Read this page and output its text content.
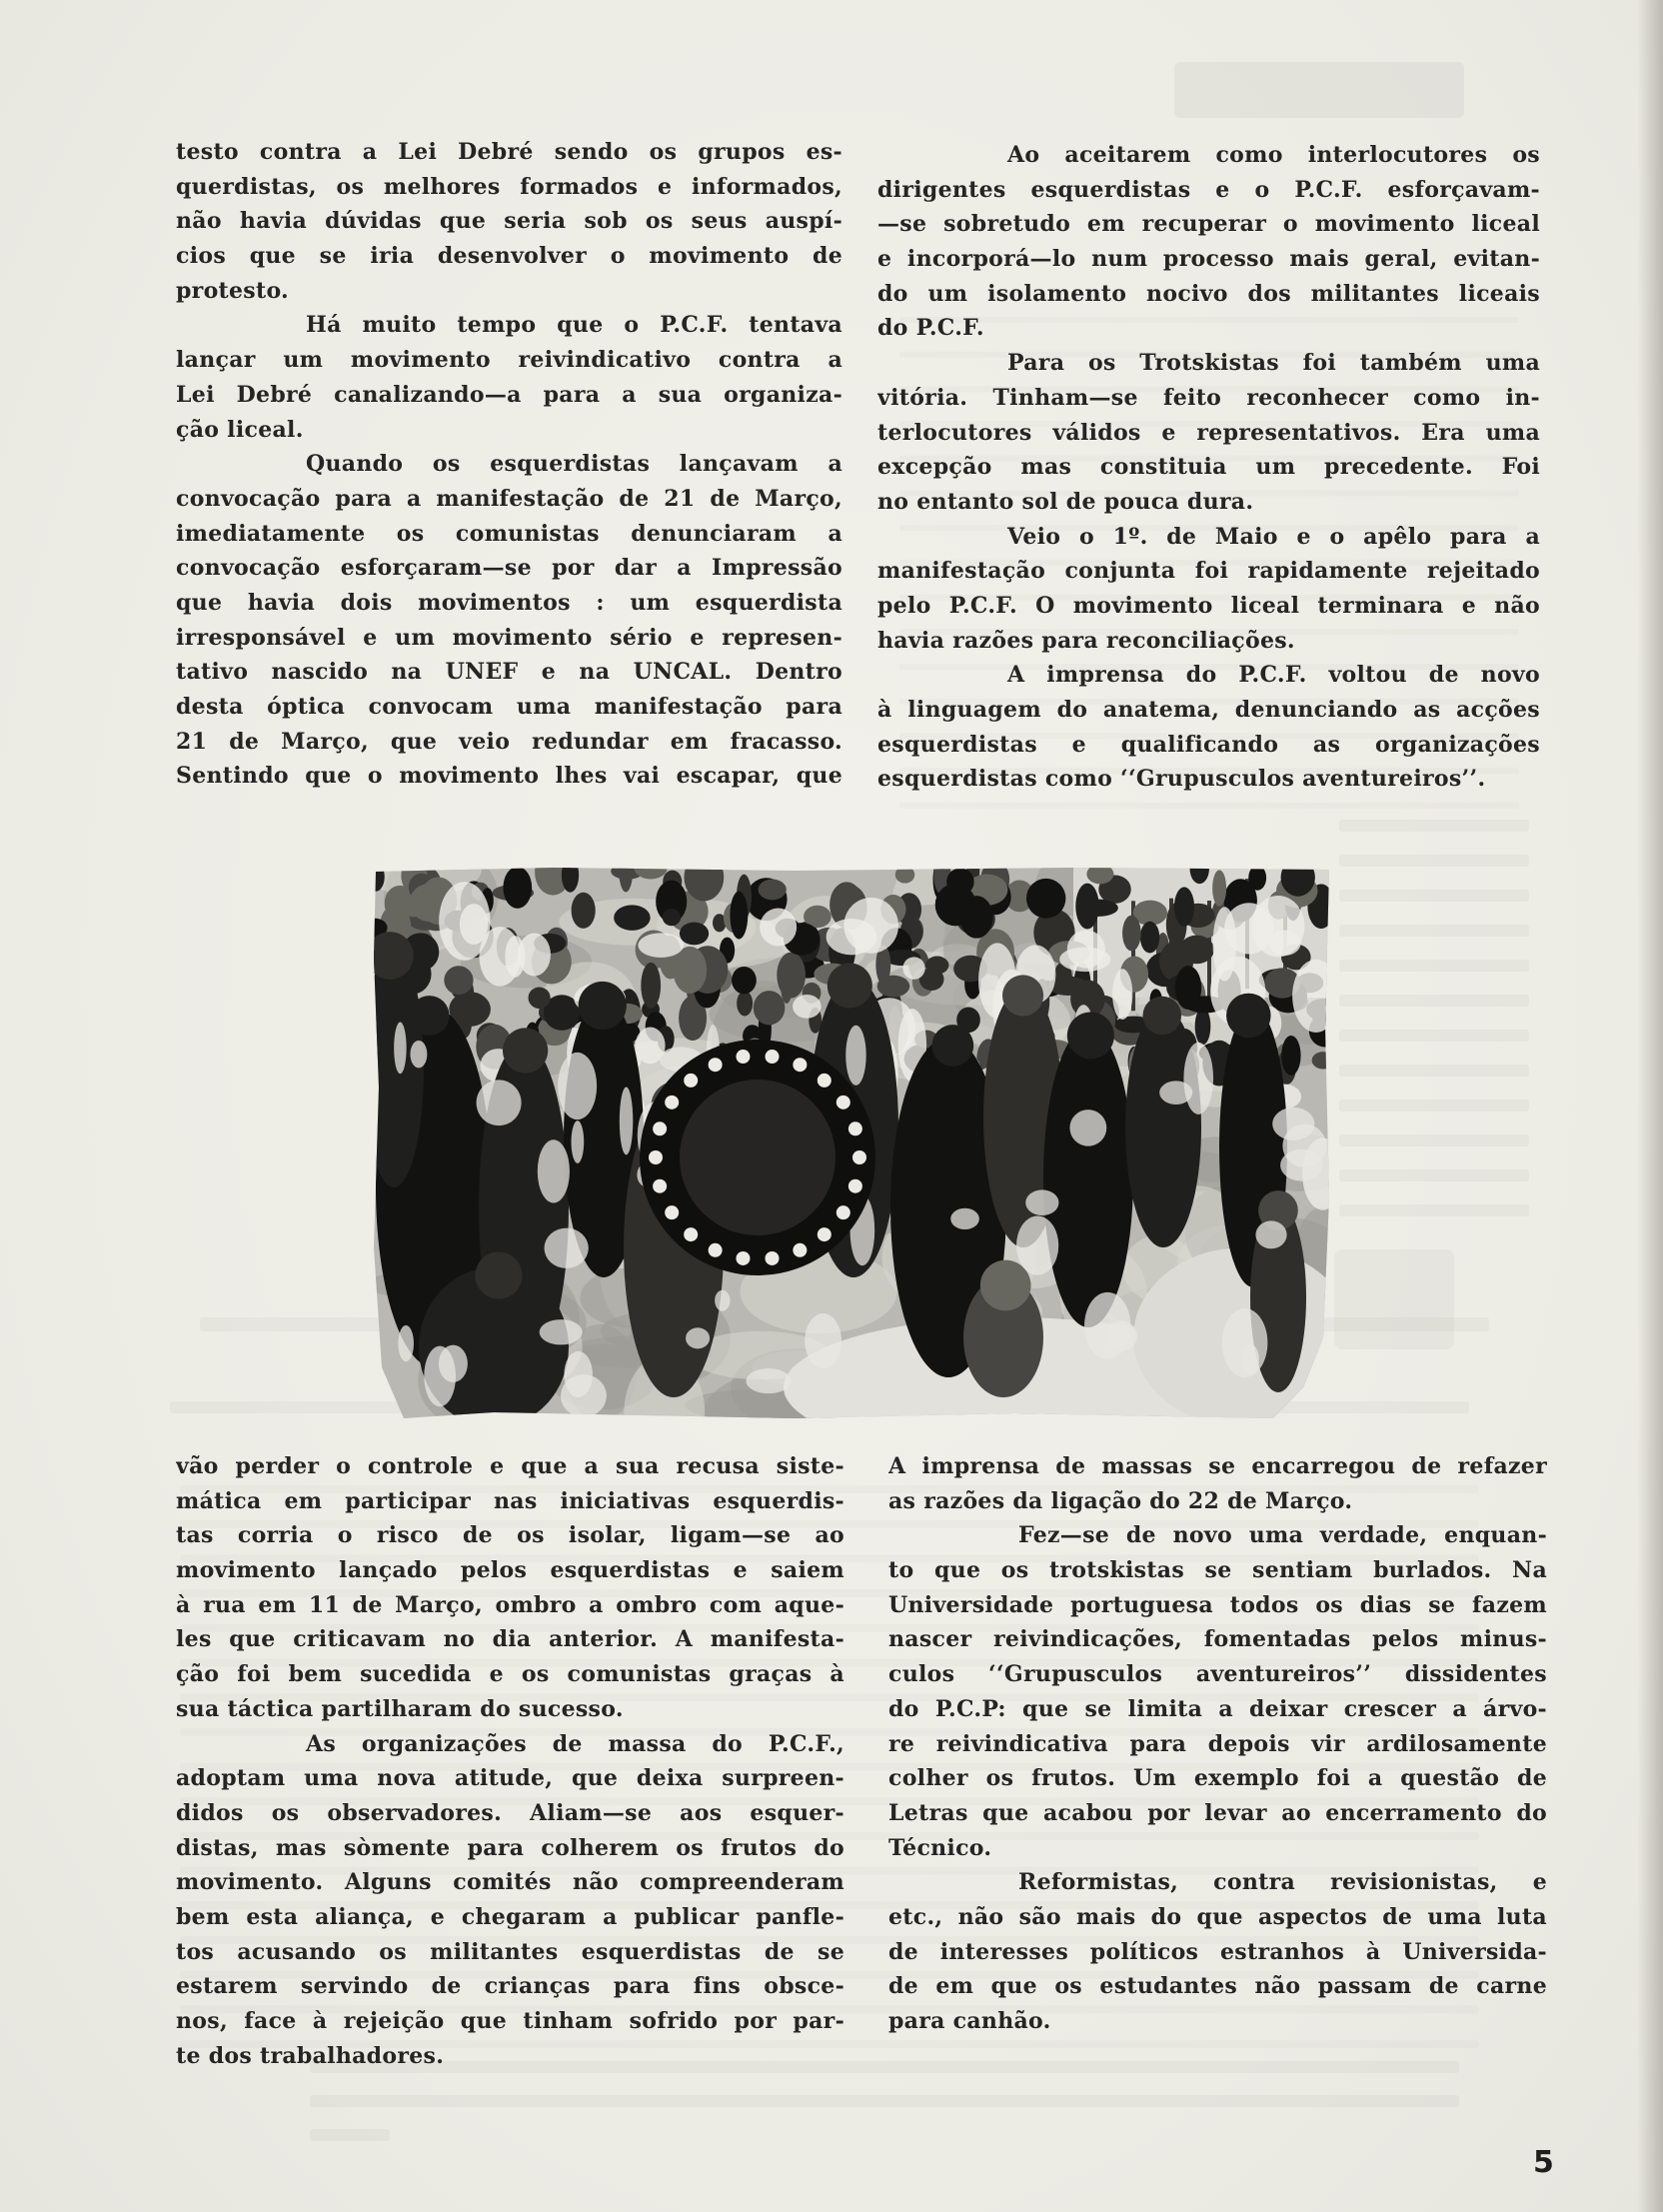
testo contra a Lei Debré sendo os grupos es-
querdistas, os melhores formados e informados,
não havia dúvidas que seria sob os seus auspí-
cios que se iria desenvolver o movimento de
protesto.
Há muito tempo que o P.C.F. tentava
lançar um movimento reivindicativo contra a
Lei Debré canalizando—a para a sua organiza-
ção liceal.
Quando os esquerdistas lançavam a
convocação para a manifestação de 21 de Março,
imediatamente os comunistas denunciaram a
convocação esforçaram—se por dar a Impressão
que havia dois movimentos : um esquerdista
irresponsável e um movimento sério e represen-
tativo nascido na UNEF e na UNCAL. Dentro
desta óptica convocam uma manifestação para
21 de Março, que veio redundar em fracasso.
Sentindo que o movimento lhes vai escapar, que
Ao aceitarem como interlocutores os
dirigentes esquerdistas e o P.C.F. esforçavam-
—se sobretudo em recuperar o movimento liceal
e incorporá—lo num processo mais geral, evitan-
do um isolamento nocivo dos militantes liceais
do P.C.F.
Para os Trotskistas foi também uma
vitória. Tinham—se feito reconhecer como in-
terlocutores válidos e representativos. Era uma
excepção mas constituia um precedente. Foi
no entanto sol de pouca dura.
Veio o 1º. de Maio e o apêlo para a
manifestação conjunta foi rapidamente rejeitado
pelo P.C.F. O movimento liceal terminara e não
havia razões para reconciliações.
A imprensa do P.C.F. voltou de novo
à linguagem do anatema, denunciando as acções
esquerdistas e qualificando as organizações
esquerdistas como ‘‘Grupusculos aventureiros’’.
vão perder o controle e que a sua recusa siste-
mática em participar nas iniciativas esquerdis-
tas corria o risco de os isolar, ligam—se ao
movimento lançado pelos esquerdistas e saiem
à rua em 11 de Março, ombro a ombro com aque-
les que criticavam no dia anterior. A manifesta-
ção foi bem sucedida e os comunistas graças à
sua táctica partilharam do sucesso.
As organizações de massa do P.C.F.,
adoptam uma nova atitude, que deixa surpreen-
didos os observadores. Aliam—se aos esquer-
distas, mas sòmente para colherem os frutos do
movimento. Alguns comités não compreenderam
bem esta aliança, e chegaram a publicar panfle-
tos acusando os militantes esquerdistas de se
estarem servindo de crianças para fins obsce-
nos, face à rejeição que tinham sofrido por par-
te dos trabalhadores.
A imprensa de massas se encarregou de refazer
as razões da ligação do 22 de Março.
Fez—se de novo uma verdade, enquan-
to que os trotskistas se sentiam burlados. Na
Universidade portuguesa todos os dias se fazem
nascer reivindicações, fomentadas pelos minus-
culos ‘‘Grupusculos aventureiros’’ dissidentes
do P.C.P: que se limita a deixar crescer a árvo-
re reivindicativa para depois vir ardilosamente
colher os frutos. Um exemplo foi a questão de
Letras que acabou por levar ao encerramento do
Técnico.
Reformistas, contra revisionistas, e
etc., não são mais do que aspectos de uma luta
de interesses políticos estranhos à Universida-
de em que os estudantes não passam de carne
para canhão.
5
